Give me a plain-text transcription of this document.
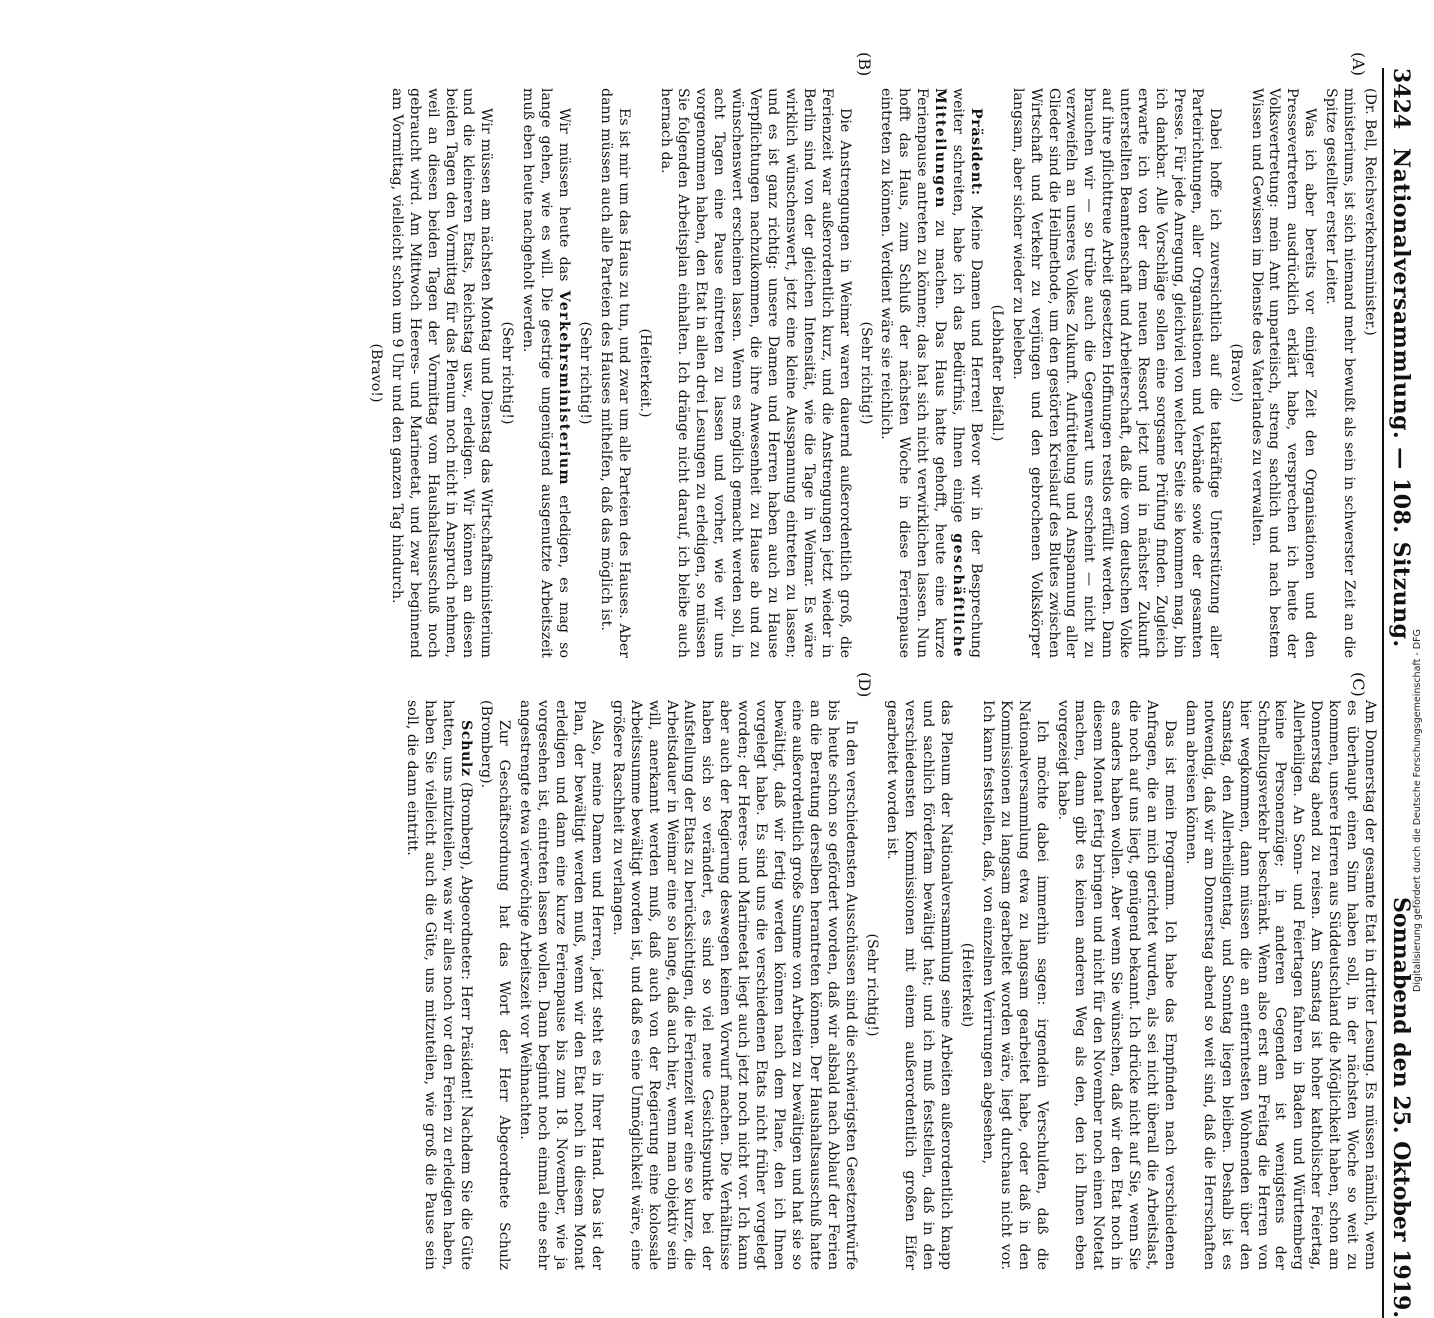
3424
Nationalversammlung. — 108. Sitzung.
Sonnabend den 25. Oktober 1919.
(A)
(B)
(C)
(D)

(Dr. Bell, Reichsverkehrsminister.)

ministeriums, ist sich niemand mehr bewußt als sein in schwerster Zeit an die Spitze gestellter erster Leiter.

Was ich aber bereits vor einiger Zeit den Organisationen und den Pressevertretern ausdrücklich erklärt habe, versprechen ich heute der Volksvertretung: mein Amt unparteiisch, streng sachlich und nach bestem Wissen und Gewissen im Dienste des Vaterlandes zu verwalten.

(Bravo!)

Dabei hoffe ich zuversichtlich auf die tatkräftige Unterstützung aller Parteirichtungen, aller Organisationen und Verbände sowie der gesamten Presse. Für jede Anregung, gleichviel von welcher Seite sie kommen mag, bin ich dankbar. Alle Vorschläge sollen eine sorgsame Prüfung finden. Zugleich erwarte ich von der dem neuen Ressort jetzt und in nächster Zukunft unterstellten Beamtenschaft und Arbeiterschaft, daß die vom deutschen Volke auf ihre pflichttreue Arbeit gesetzten Hoffnungen restlos erfüllt werden. Dann brauchen wir — so trübe auch die Gegenwart uns erscheint — nicht zu verzweifeln an unseres Volkes Zukunft. Aufrüttelung und Anspannung aller Glieder sind die Heilmethode, um den gestörten Kreislauf des Blutes zwischen Wirtschaft und Verkehr zu verjüngen und den gebrochenen Volkskörper langsam, aber sicher wieder zu beleben.

(Lebhafter Beifall.)

Präsident: Meine Damen und Herren! Bevor wir in der Besprechung weiter schreiten, habe ich das Bedürfnis, Ihnen einige geschäftliche Mitteilungen zu machen. Das Haus hatte gehofft, heute eine kurze Ferienpause antreten zu können; das hat sich nicht verwirklichen lassen. Nun hofft das Haus, zum Schluß der nächsten Woche in diese Ferienpause eintreten zu können. Verdient wäre sie reichlich.

(Sehr richtig!)

Die Anstrengungen in Weimar waren dauernd außerordentlich groß, die Ferienzeit war außerordentlich kurz, und die Anstrengungen jetzt wieder in Berlin sind von der gleichen Intensität, wie die Tage in Weimar. Es wäre wirklich wünschenswert, jetzt eine kleine Ausspannung eintreten zu lassen; und es ist ganz richtig: unsere Damen und Herren haben auch zu Hause Verpflichtungen nachzukommen, die ihre Anwesenheit zu Hause ab und zu wünschenswert erscheinen lassen. Wenn es möglich gemacht werden soll, in acht Tagen eine Pause eintreten zu lassen und vorher, wie wir uns vorgenommen haben, den Etat in allen drei Lesungen zu erledigen, so müssen Sie folgenden Arbeitsplan einhalten. Ich dränge nicht darauf, ich bleibe auch hernach da.

(Heiterkeit.)

Es ist mir um das Haus zu tun, und zwar um alle Parteien des Hauses. Aber dann müssen auch alle Parteien des Hauses mithelfen, daß das möglich ist.

(Sehr richtig!)

Wir müssen heute das Verkehrsministerium erledigen, es mag so lange gehen, wie es will. Die gestrige ungenügend ausgenutzte Arbeitszeit muß eben heute nachgeholt werden.

(Sehr richtig!)

Wir müssen am nächsten Montag und Dienstag das Wirtschaftsministerium und die kleineren Etats, Reichstag usw., erledigen. Wir können an diesen beiden Tagen den Vormittag für das Plenum noch nicht in Anspruch nehmen, weil an diesen beiden Tagen der Vormittag vom Haushaltsausschuß noch gebraucht wird. Am Mittwoch Heeres- und Marineetat, und zwar beginnend am Vormittag, vielleicht schon um 9 Uhr und den ganzen Tag hindurch.

(Bravo!)

Am Donnerstag der gesamte Etat in dritter Lesung. Es müssen nämlich, wenn es überhaupt einen Sinn haben soll, in der nächsten Woche so weit zu kommen, unsere Herren aus Süddeutschland die Möglichkeit haben, schon am Donnerstag abend zu reisen. Am Samstag ist hoher katholischer Feiertag, Allerheiligen. An Sonn- und Feiertagen fahren in Baden und Württemberg keine Personenzüge; in anderen Gegenden ist wenigstens der Schnellzugsverkehr beschränkt. Wenn also erst am Freitag die Herren von hier wegkommen, dann müssen die an entferntesten Wohnenden über den Samstag, den Allerheiligentag, und Sonntag liegen bleiben. Deshalb ist es notwendig, daß wir am Donnerstag abend so weit sind, daß die Herrschaften dann abreisen können.

Das ist mein Programm. Ich habe das Empfinden nach verschiedenen Anfragen, die an mich gerichtet wurden, als sei nicht überall die Arbeitslast, die noch auf uns liegt, genügend bekannt. Ich drücke nicht auf Sie, wenn Sie es anders haben wollen. Aber wenn Sie wünschen, daß wir den Etat noch in diesem Monat fertig bringen und nicht für den November noch einen Notetat machen, dann gibt es keinen anderen Weg als den, den ich Ihnen eben vorgezeigt habe.

Ich möchte dabei immerhin sagen: irgendein Verschulden, daß die Nationalversammlung etwa zu langsam gearbeitet habe, oder daß in den Kommissionen zu langsam gearbeitet worden wäre, liegt durchaus nicht vor. Ich kann feststellen, daß, von einzelnen Verirrungen abgesehen,

(Heiterkeit)

das Plenum der Nationalversammlung seine Arbeiten außerordentlich knapp und sachlich förderfam bewältigt hat; und ich muß feststellen, daß in den verschiedensten Kommissionen mit einem außerordentlich großen Eifer gearbeitet worden ist.

(Sehr richtig!)

In den verschiedensten Ausschüssen sind die schwierigsten Gesetzentwürfe bis heute schon so gefördert worden, daß wir alsbald nach Ablauf der Ferien an die Beratung derselben herantreten können. Der Haushaltsausschuß hatte eine außerordentlich große Summe von Arbeiten zu bewältigen und hat sie so bewältigt, daß wir fertig werden können nach dem Plane, den ich Ihnen vorgelegt habe. Es sind uns die verschiedenen Etats nicht früher vorgelegt worden; der Heeres- und Marineetat liegt auch jetzt noch nicht vor. Ich kann aber auch der Regierung deswegen keinen Vorwurf machen. Die Verhältnisse haben sich so verändert, es sind so viel neue Gesichtspunkte bei der Aufstellung der Etats zu berücksichtigen, die Ferienzeit war eine so kurze, die Arbeitsdauer in Weimar eine so lange, daß auch hier, wenn man objektiv sein will, anerkannt werden muß, daß auch von der Regierung eine kolossale Arbeitssumme bewältigt worden ist, und daß es eine Unmöglichkeit wäre, eine größere Raschheit zu verlangen.

Also, meine Damen und Herren, jetzt steht es in Ihrer Hand. Das ist der Plan, der bewältigt werden muß, wenn wir den Etat noch in diesem Monat erledigen und dann eine kurze Ferienpause bis zum 18. November, wie ja vorgesehen ist, eintreten lassen wollen. Dann beginnt noch einmal eine sehr angestrengte etwa vierwöchige Arbeitszeit vor Weihnachten.

Zur Geschäftsordnung hat das Wort der Herr Abgeordnete Schulz (Bromberg).

Schulz (Bromberg), Abgeordneter: Herr Präsident! Nachdem Sie die Güte hatten, uns mitzuteilen, was wir alles noch vor den Ferien zu erledigen haben, haben Sie vielleicht auch die Güte, uns mitzuteilen, wie groß die Pause sein soll, die dann eintritt.	Digitalisierung gefördert durch die Deutsche Forschungsgemeinschaft - DFG
